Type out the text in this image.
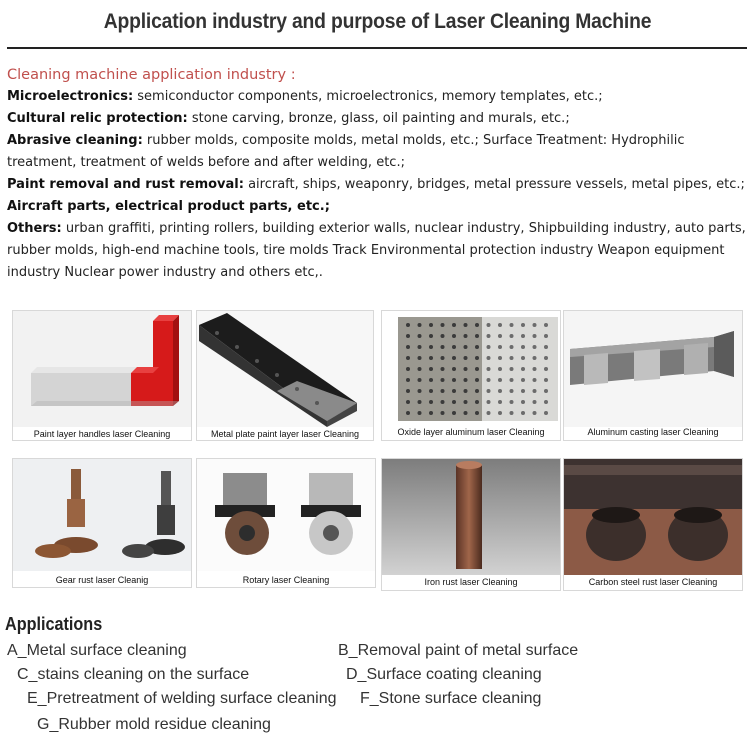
Application industry and purpose of Laser Cleaning Machine
Cleaning machine application industry :
Microelectronics: semiconductor components, microelectronics, memory templates, etc.;
Cultural relic protection: stone carving, bronze, glass, oil painting and murals, etc.;
Abrasive cleaning: rubber molds, composite molds, metal molds, etc.; Surface Treatment: Hydrophilic treatment, treatment of welds before and after welding, etc.;
Paint removal and rust removal: aircraft, ships, weaponry, bridges, metal pressure vessels, metal pipes, etc.;
Aircraft parts, electrical product parts, etc.;
Others: urban graffiti, printing rollers, building exterior walls, nuclear industry, Shipbuilding industry, auto parts, rubber molds, high-end machine tools, tire molds Track Environmental protection industry Weapon equipment industry Nuclear power industry and others etc,.
Paint layer handles laser Cleaning	Metal plate paint layer laser Cleaning	Oxide layer aluminum laser Cleaning	Aluminum casting laser Cleaning
Gear rust laser Cleanig	Rotary laser Cleaning	Iron rust laser Cleaning	Carbon steel rust laser Cleaning
Applications
A_Metal surface cleaning	B_Removal paint of metal surface
C_stains cleaning on the surface	D_Surface coating cleaning
E_Pretreatment of welding surface cleaning F_Stone surface cleaning
G_Rubber mold residue cleaning
